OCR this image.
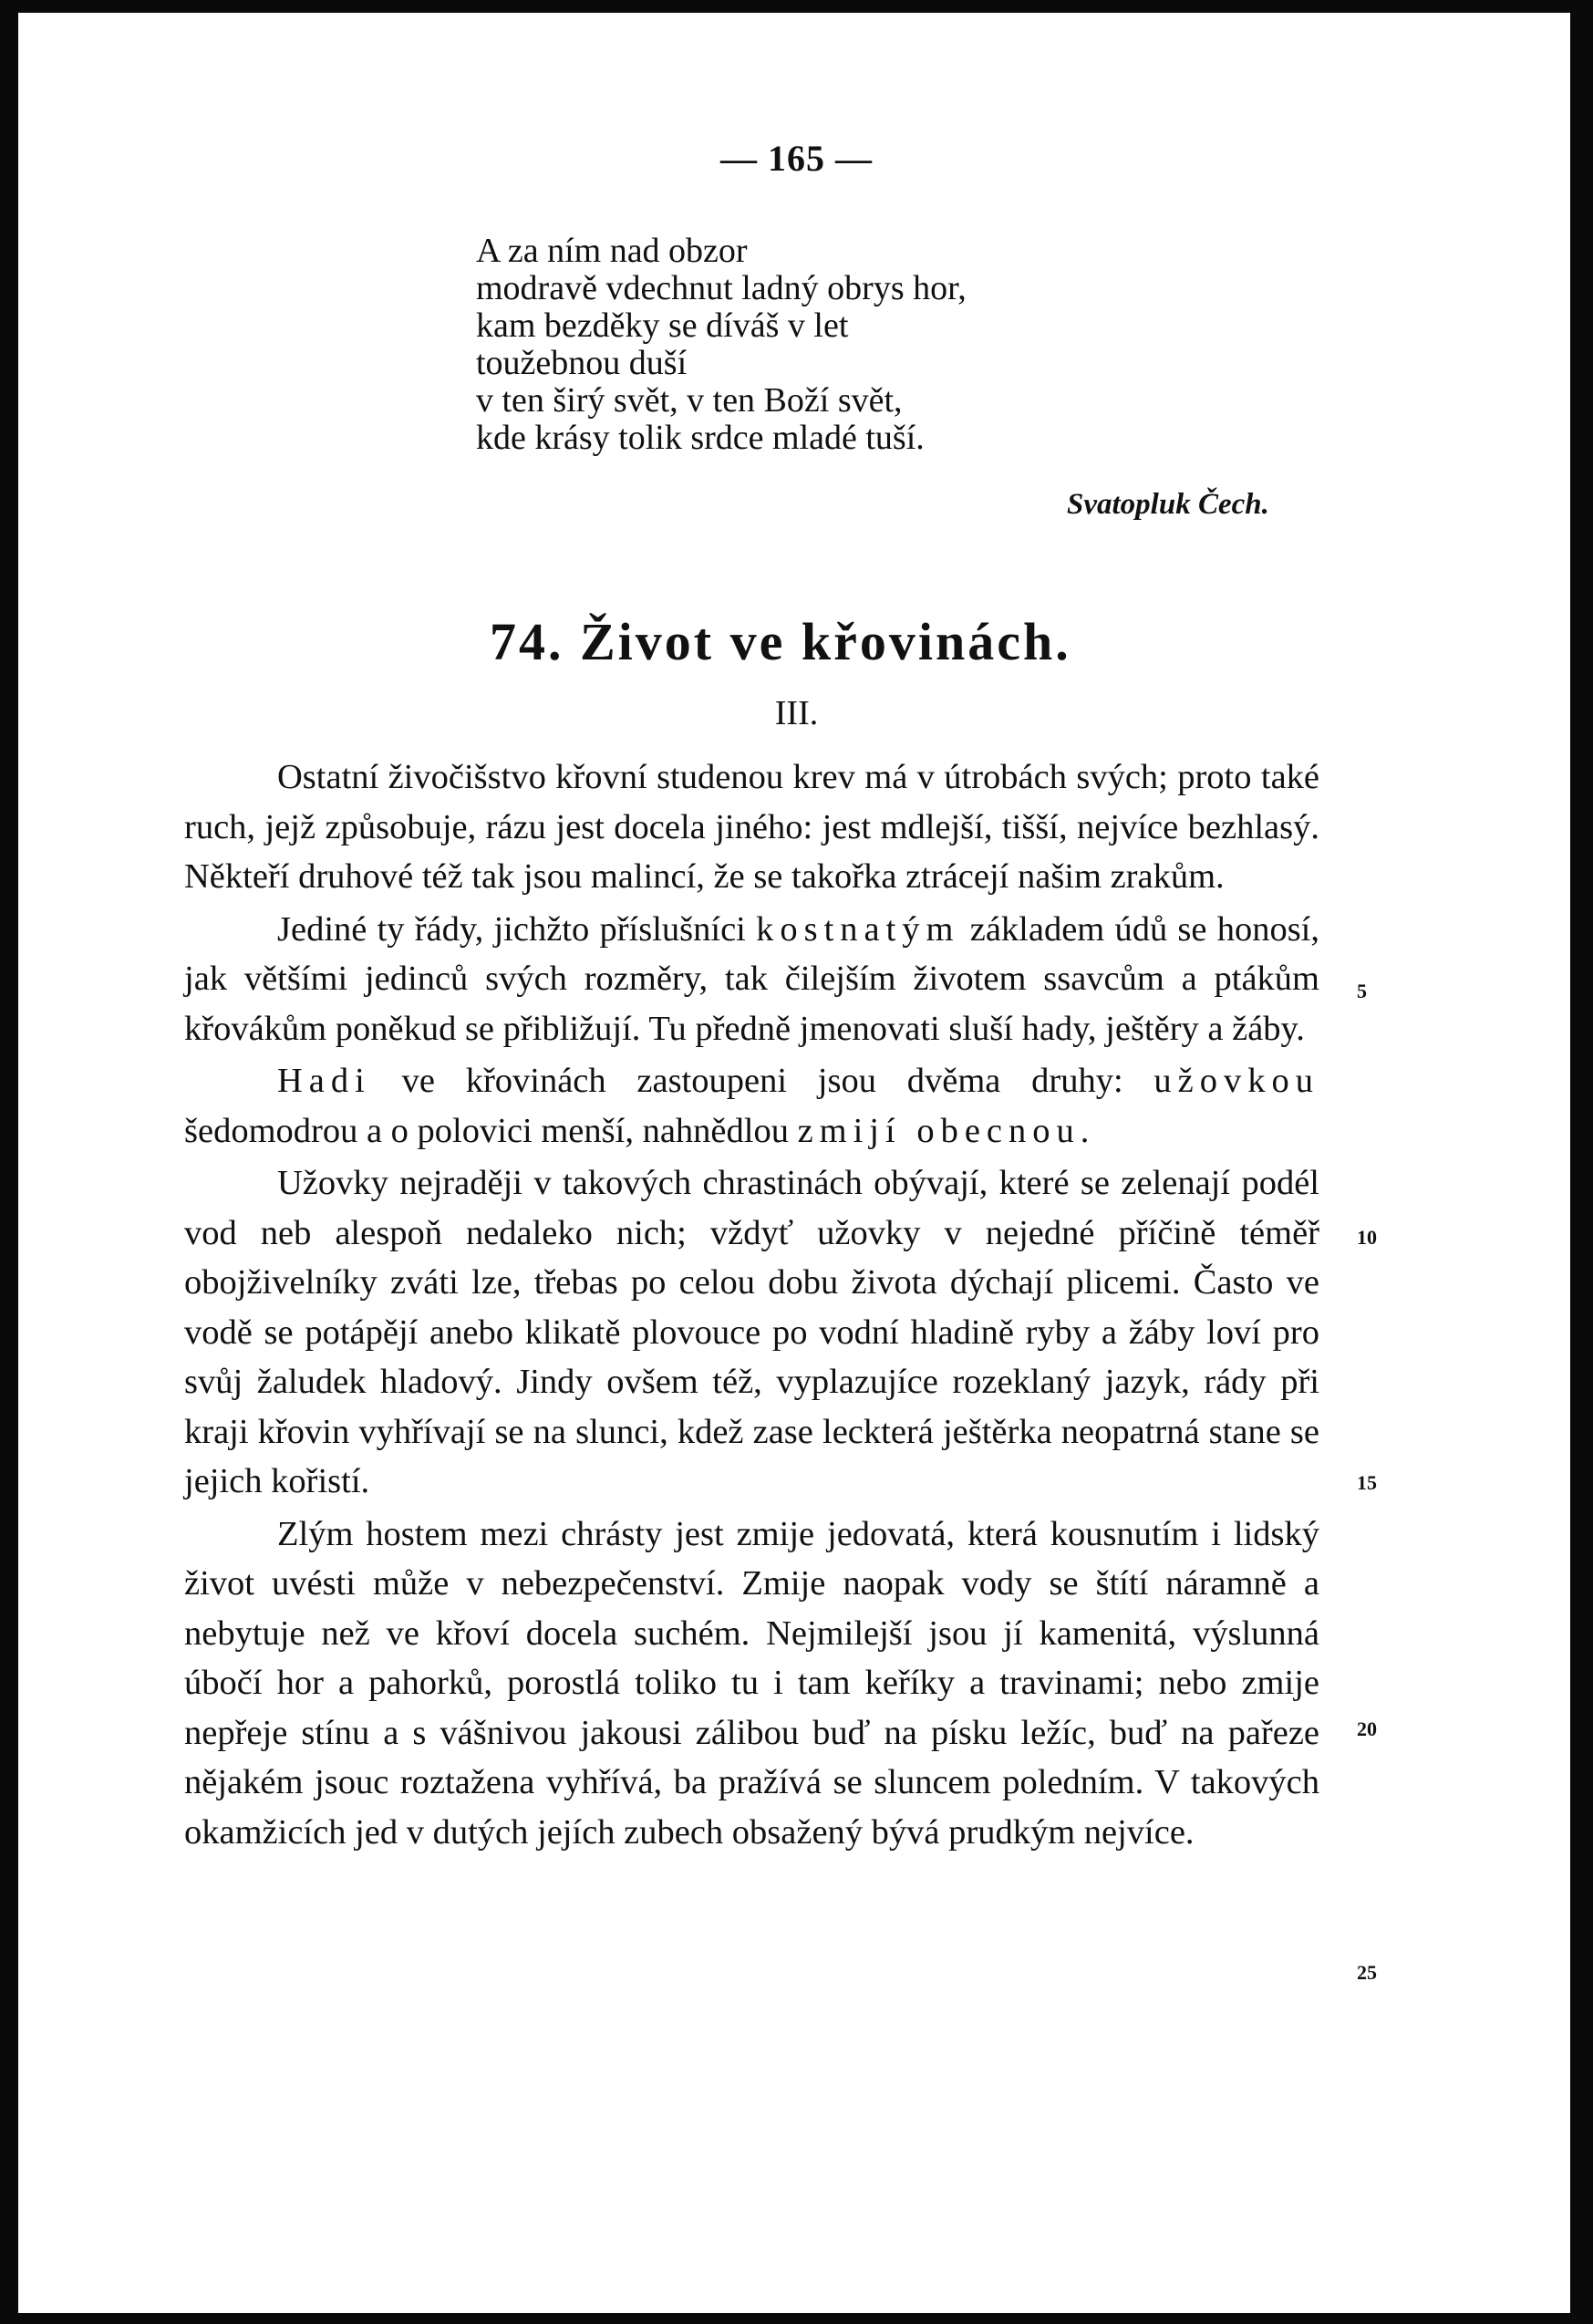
— 165 —
A za ním nad obzor
modravě vdechnut ladný obrys hor,
kam bezděky se díváš v let
toužebnou duší
v ten širý svět, v ten Boží svět,
kde krásy tolik srdce mladé tuší.
Svatopluk Čech.
74. Život ve křovinách.
III.

Ostatní živočišstvo křovní studenou krev má v útrobách svých; proto také ruch, jejž způsobuje, rázu jest docela jiného: jest mdlejší, tišší, nejvíce bezhlasý. Někteří druhové též tak jsou malincí, že se takořka ztrácejí našim zrakům.

Jediné ty řády, jichžto příslušníci kostnatým základem údů se honosí, jak většími jedinců svých rozměry, tak čilejším životem ssavcům a ptákům křovákům poněkud se přibližují. Tu předně jmenovati sluší hady, ještěry a žáby.

Hadi ve křovinách zastoupeni jsou dvěma druhy: užovkou šedomodrou a o polovici menší, nahnědlou zmijí obecnou.

Užovky nejraději v takových chrastinách obývají, které se zelenají podél vod neb alespoň nedaleko nich; vždyť užovky v nejedné příčině téměř obojživelníky zváti lze, třebas po celou dobu života dýchají plicemi. Často ve vodě se potápějí anebo klikatě plovouce po vodní hladině ryby a žáby loví pro svůj žaludek hladový. Jindy ovšem též, vyplazujíce rozeklaný jazyk, rády při kraji křovin vyhřívají se na slunci, kdež zase leckterá ještěrka neopatrná stane se jejich kořistí.

Zlým hostem mezi chrásty jest zmije jedovatá, která kousnutím i lidský život uvésti může v nebezpečenství. Zmije naopak vody se štítí náramně a nebytuje než ve křoví docela suchém. Nejmilejší jsou jí kamenitá, výslunná úbočí hor a pahorků, porostlá toliko tu i tam keříky a travinami; nebo zmije nepřeje stínu a s vášnivou jakousi zálibou buď na písku ležíc, buď na pařeze nějakém jsouc roztažena vyhřívá, ba pražívá se sluncem poledním. V takových okamžicích jed v dutých jejích zubech obsažený bývá prudkým nejvíce.

5
10
15
20
25
